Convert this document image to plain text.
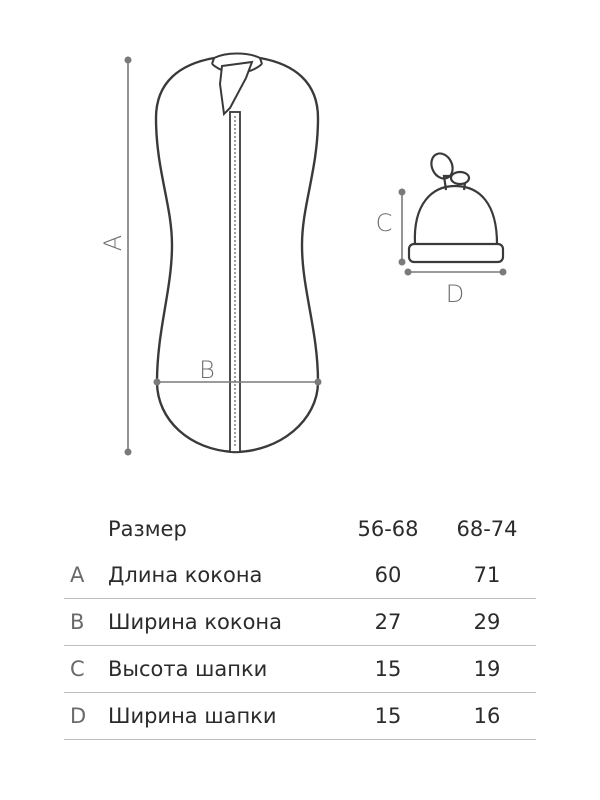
A
B
C
D
	Размер	56-68	68-74
A	Длина кокона	60	71
B	Ширина кокона	27	29
C	Высота шапки	15	19
D	Ширина шапки	15	16
